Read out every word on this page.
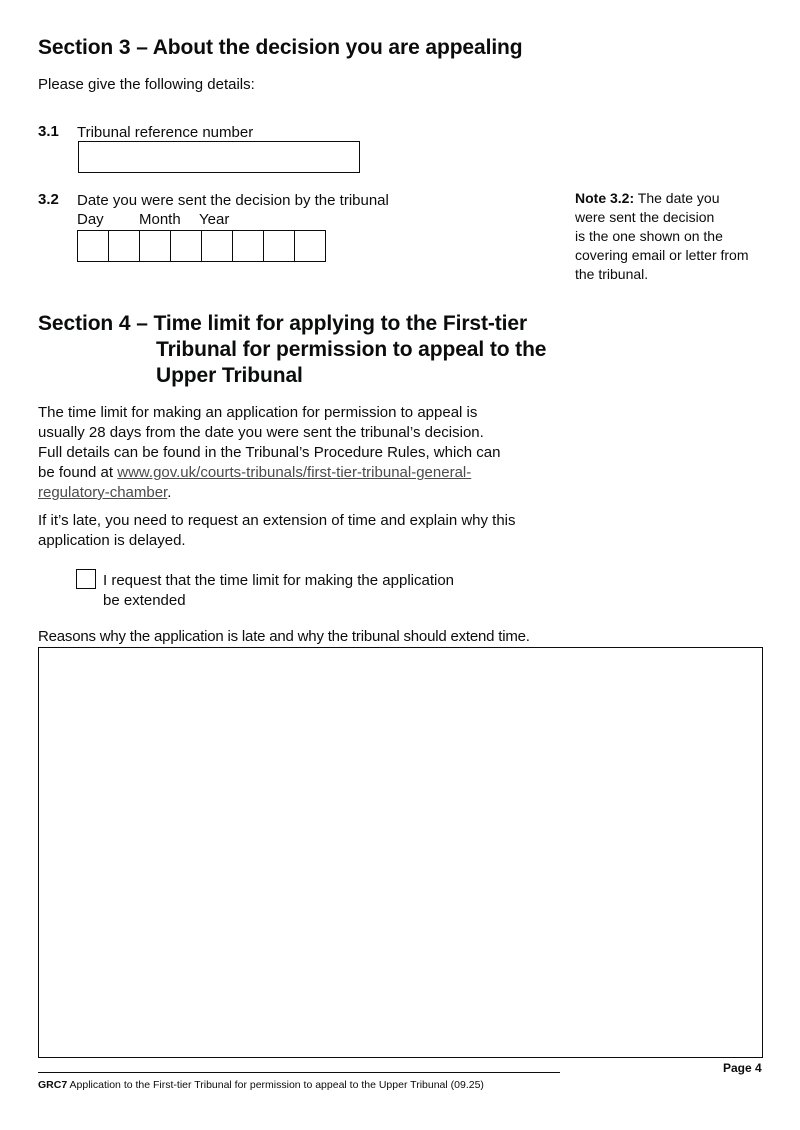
Section 3 – About the decision you are appealing
Please give the following details:
3.1 Tribunal reference number
3.2 Date you were sent the decision by the tribunal
Day Month Year
Note 3.2: The date you
were sent the decision
is the one shown on the
covering email or letter from
the tribunal.
Section 4 – Time limit for applying to the First-tier
Tribunal for permission to appeal to the
Upper Tribunal
The time limit for making an application for permission to appeal is
usually 28 days from the date you were sent the tribunal’s decision.
Full details can be found in the Tribunal’s Procedure Rules, which can
be found at www.gov.uk/courts-tribunals/first-tier-tribunal-general-
regulatory-chamber.
If it’s late, you need to request an extension of time and explain why this
application is delayed.
I request that the time limit for making the application
be extended
Reasons why the application is late and why the tribunal should extend time.
Page 4
GRC7 Application to the First-tier Tribunal for permission to appeal to the Upper Tribunal (09.25)
